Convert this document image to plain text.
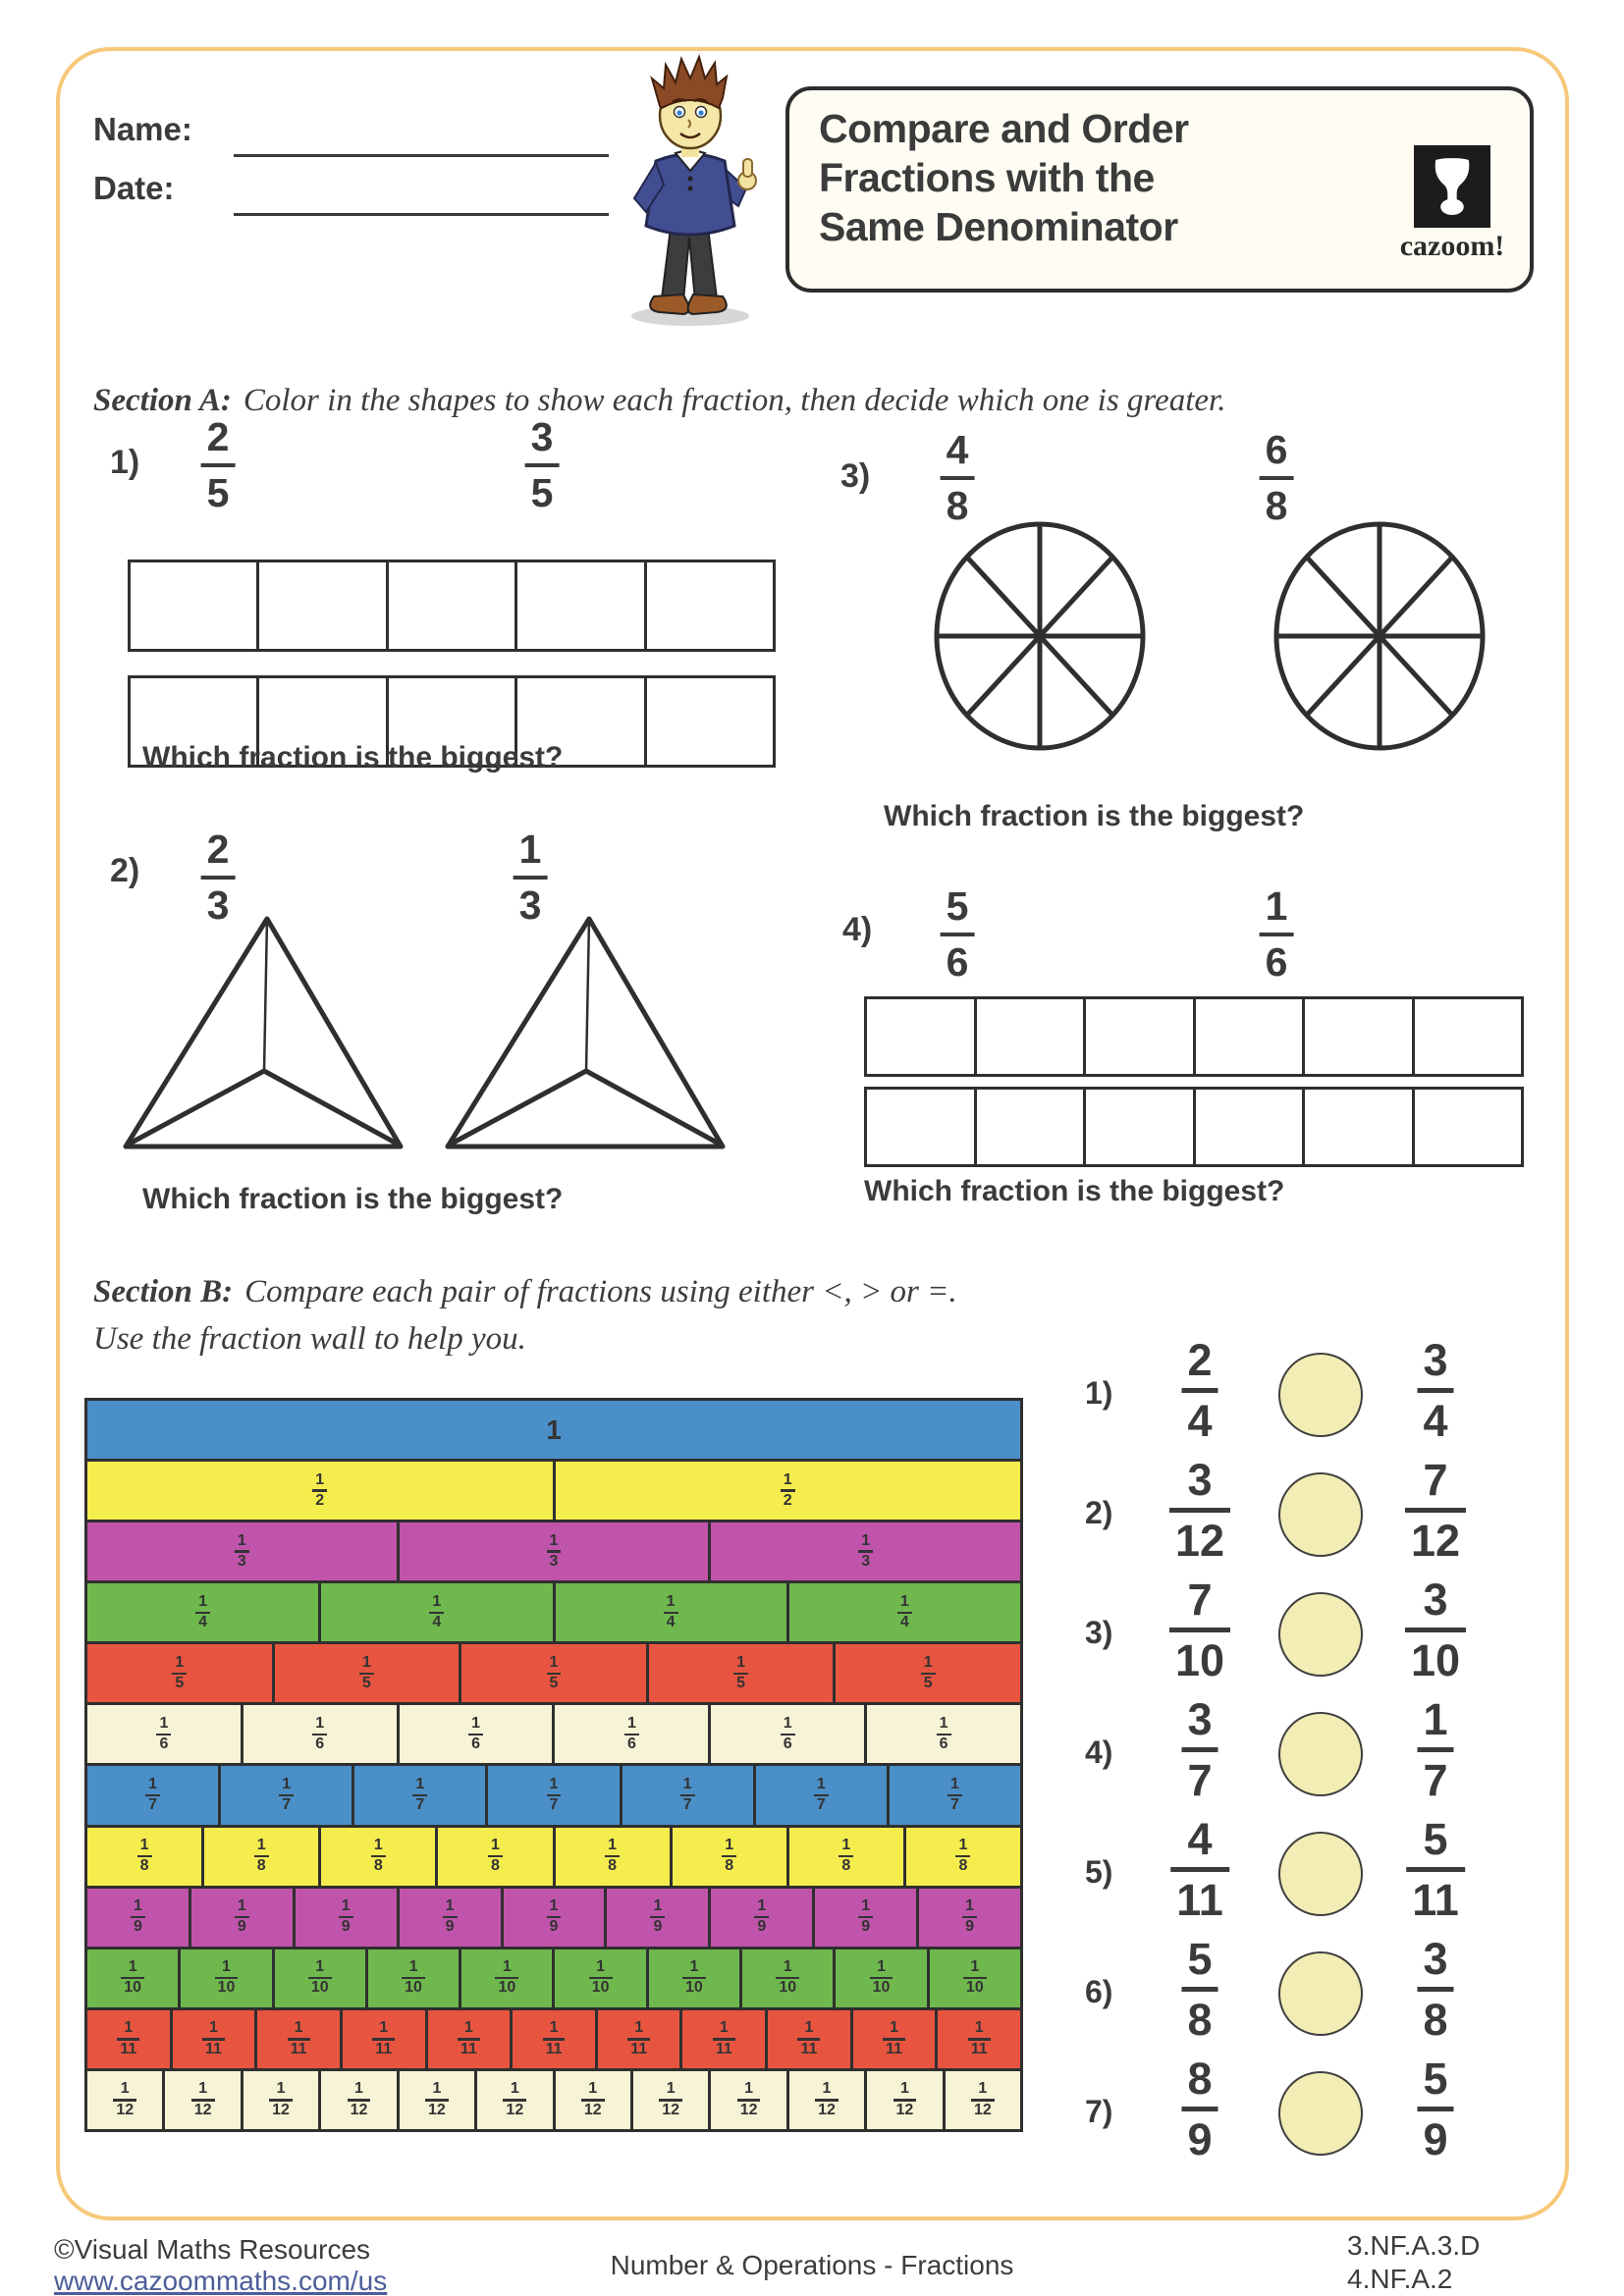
Name:
Date:
Compare and Order
Fractions with the
Same Denominator	cazoom!
Section A: Color in the shapes to show each fraction, then decide which one is greater.
1)
2
5
3
5
Which fraction is the biggest?
3)
4
8
6
8
Which fraction is the biggest?
2) 2
3
1
3
Which fraction is the biggest?
4)
5
6
1
6
Which fraction is the biggest?
Section B: Compare each pair of fractions using either <, > or =.
Use the fraction wall to help you.
1
1
2
1
2
1
3
1
3
1
3
1
4
1
4
1
4
1
4
1
5
1
5
1
5
1
5
1
5
1
6
1
6
1
6
1
6
1
6
1
6
1
7
1
7
1
7
1
7
1
7
1
7
1
7
1
8
1
8
1
8
1
8
1
8
1
8
1
8
1
8
1
9
1
9
1
9
1
9
1
9
1
9
1
9
1
9
1
9
1
10
1
10
1
10
1
10
1
10
1
10
1
10
1
10
1
10
1
10
1
11
1
11
1
11
1
11
1
11
1
11
1
11
1
11
1
11
1
11
1
11
1
12
1
12
1
12
1
12
1
12
1
12
1
12
1
12
1
12
1
12
1
12
1
12
1)
2
4
3
4
2)
3
12
7
12
3)
7
10
3
10
4)
3
7
1
7
5)
4
11
5
11
6)
5
8
3
8
7)
8
9
5
9
©Visual Maths Resources
www.cazoommaths.com/us
Number & Operations - Fractions
3.NF.A.3.D
4.NF.A.2
